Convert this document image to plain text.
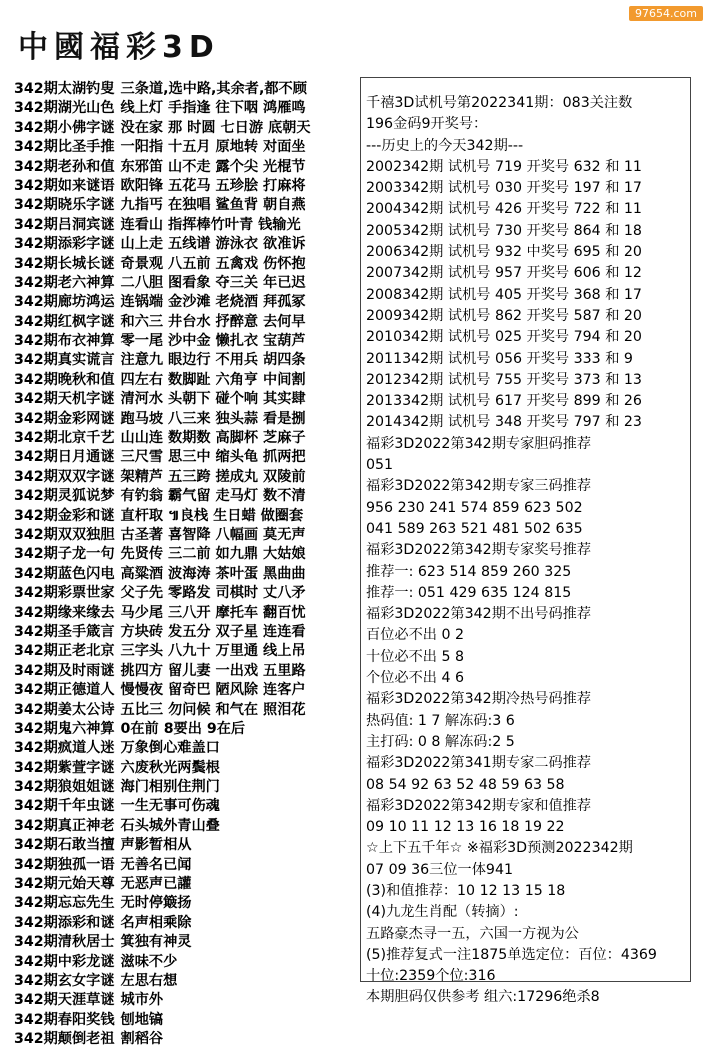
97654.com
中國福彩3D
342期太湖钓叟 三条道,选中路,其余者,都不顾
342期湖光山色 线上灯 手指逢 往下咽 鸿雁鸣
342期小佛字谜 没在家 那 时圆 七日游 底朝天
342期比圣手推 一阳指 十五月 原地转 对面坐
342期老孙和值 东邪笛 山不走 露个尖 光棍节
342期如来谜语 欧阳锋 五花马 五珍脍 打麻将
342期晓乐字谜 九指丐 在独唱 鲨鱼背 朝自燕
342期吕洞宾谜 连看山 指挥棒竹叶青 钱输光
342期添彩字谜 山上走 五线谱 游泳衣 欲准诉
342期长城长谜 奇景观 八五前 五禽戏 伤怀抱
342期老六神算 二八胆 图看象 夺三关 年已迟
342期廊坊鸿运 连锅端 金沙滩 老烧酒 拜孤冢
342期红枫字谜 和六三 井台水 抒醉意 去何早
342期布衣神算 零一尾 沙中金 懒扎衣 宝葫芦
342期真实谎言 注意九 眼边行 不用兵 胡四条
342期晚秋和值 四左右 数脚趾 六角亨 中间割
342期天机字谜 清河水 头朝下 碰个响 其实肆
342期金彩网谜 跑马坡 八三来 独头蒜 看是捌
342期北京千艺 山山连 数期数 高脚杯 芝麻子
342期日月通谜 三尺雪 思三中 缩头龟 抓两把
342期双双字谜 架精芦 五三跨 搓成丸 双陵前
342期灵狐说梦 有钓翁 霸气留 走马灯 数不清
342期金彩和谜 直杆取 ៕良栈 生日蜡 做圈套
342期双双独胆 古圣著 喜智降 八幅画 莫无声
342期子龙一句 先贤传 三二前 如九鼎 大姑娘
342期蓝色闪电 高粱酒 波海涛 茶叶蛋 黑曲曲
342期彩票世家 父子先 零路发 司棋时 丈八矛
342期缘来缘去 马少尾 三八开 摩托车 翻百忧
342期圣手箴言 方块砖 发五分 双子星 连连看
342期正老北京 三字头 八九十 万里通 线上吊
342期及时雨谜 挑四方 留儿妻 一出戏 五里路
342期正德道人 慢慢夜 留奇巴 陋风除 连客户
342期姜太公诗 五比三 勿问候 和气在 照泪花
342期鬼六神算 0在前 8要出 9在后
342期疯道人迷 万象倒心难盖口
342期紫萱字谜 六废秋光两鬓根
342期狼姐姐谜 海门相别住荆门
342期千年虫谜 一生无事可伤魂
342期真正神老 石头城外青山叠
342期石敢当擅 声影暂相从
342期独孤一语 无善名已闻
342期元始天尊 无恶声已讙
342期忘忘先生 无时停簸扬
342期添彩和谜 名声相乘除
342期清秋居士 箕独有神灵
342期中彩龙谜 滋味不少
342期玄女字谜 左思右想
342期天涯草谜 城市外
342期春阳奖钱 刨地镐
342期颠倒老祖 割稻谷
千禧3D试机号第2022341期：083关注数
196金码9开奖号：
---历史上的今天342期---
2002342期 试机号 719 开奖号 632 和 11
2003342期 试机号 030 开奖号 197 和 17
2004342期 试机号 426 开奖号 722 和 11
2005342期 试机号 730 开奖号 864 和 18
2006342期 试机号 932 中奖号 695 和 20
2007342期 试机号 957 开奖号 606 和 12
2008342期 试机号 405 开奖号 368 和 17
2009342期 试机号 862 开奖号 587 和 20
2010342期 试机号 025 开奖号 794 和 20
2011342期 试机号 056 开奖号 333 和 9
2012342期 试机号 755 开奖号 373 和 13
2013342期 试机号 617 开奖号 899 和 26
2014342期 试机号 348 开奖号 797 和 23
福彩3D2022第342期专家胆码推荐
051
福彩3D2022第342期专家三码推荐
956 230 241 574 859 623 502
041 589 263 521 481 502 635
福彩3D2022第342期专家奖号推荐
推荐一: 623 514 859 260 325
推荐一: 051 429 635 124 815
福彩3D2022第342期不出号码推荐
百位必不出 0 2
十位必不出 5 8
个位必不出 4 6
福彩3D2022第342期冷热号码推荐
热码值: 1 7 解冻码:3 6
主打码: 0 8 解冻码:2 5
福彩3D2022第341期专家二码推荐
08 54 92 63 52 48 59 63 58
福彩3D2022第342期专家和值推荐
09 10 11 12 13 16 18 19 22
☆上下五千年☆ ※福彩3D预测2022342期
07 09 36三位一体941
(3)和值推荐：10 12 13 15 18
(4)九龙生肖配（转摘）:
五路豪杰寻一五，六国一方视为公
(5)推荐复式一注1875单选定位：百位：4369
十位:2359个位:316
本期胆码仅供参考 组六:17296绝杀8
